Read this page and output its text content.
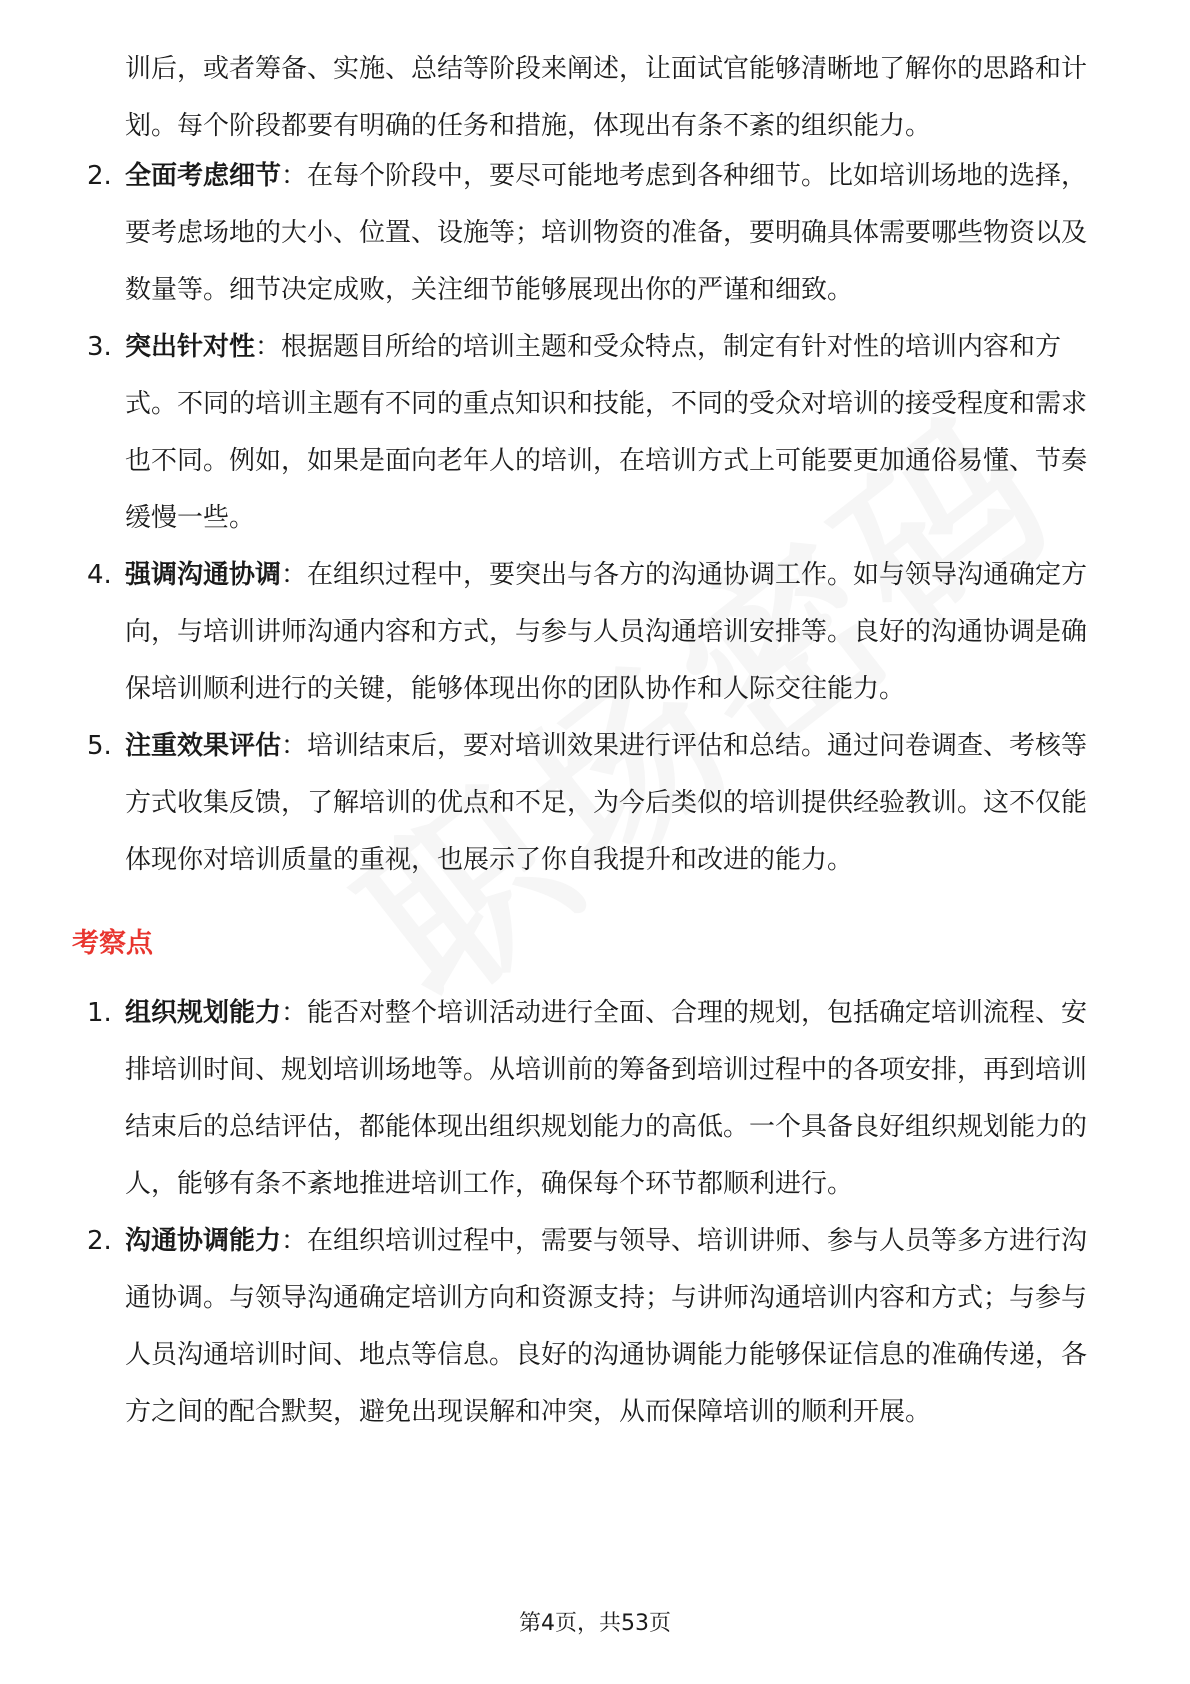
训后，或者筹备、实施、总结等阶段来阐述，让面试官能够清晰地了解你的思路和计划。每个阶段都要有明确的任务和措施，体现出有条不紊的组织能力。

2. 全面考虑细节：在每个阶段中，要尽可能地考虑到各种细节。比如培训场地的选择，要考虑场地的大小、位置、设施等；培训物资的准备，要明确具体需要哪些物资以及数量等。细节决定成败，关注细节能够展现出你的严谨和细致。
3. 突出针对性：根据题目所给的培训主题和受众特点，制定有针对性的培训内容和方式。不同的培训主题有不同的重点知识和技能，不同的受众对培训的接受程度和需求也不同。例如，如果是面向老年人的培训，在培训方式上可能要更加通俗易懂、节奏缓慢一些。
4. 强调沟通协调：在组织过程中，要突出与各方的沟通协调工作。如与领导沟通确定方向，与培训讲师沟通内容和方式，与参与人员沟通培训安排等。良好的沟通协调是确保培训顺利进行的关键，能够体现出你的团队协作和人际交往能力。
5. 注重效果评估：培训结束后，要对培训效果进行评估和总结。通过问卷调查、考核等方式收集反馈，了解培训的优点和不足，为今后类似的培训提供经验教训。这不仅能体现你对培训质量的重视，也展示了你自我提升和改进的能力。
考察点
1. 组织规划能力：能否对整个培训活动进行全面、合理的规划，包括确定培训流程、安排培训时间、规划培训场地等。从培训前的筹备到培训过程中的各项安排，再到培训结束后的总结评估，都能体现出组织规划能力的高低。一个具备良好组织规划能力的人，能够有条不紊地推进培训工作，确保每个环节都顺利进行。
2. 沟通协调能力：在组织培训过程中，需要与领导、培训讲师、参与人员等多方进行沟通协调。与领导沟通确定培训方向和资源支持；与讲师沟通培训内容和方式；与参与人员沟通培训时间、地点等信息。良好的沟通协调能力能够保证信息的准确传递，各方之间的配合默契，避免出现误解和冲突，从而保障培训的顺利开展。
第4页，共53页
